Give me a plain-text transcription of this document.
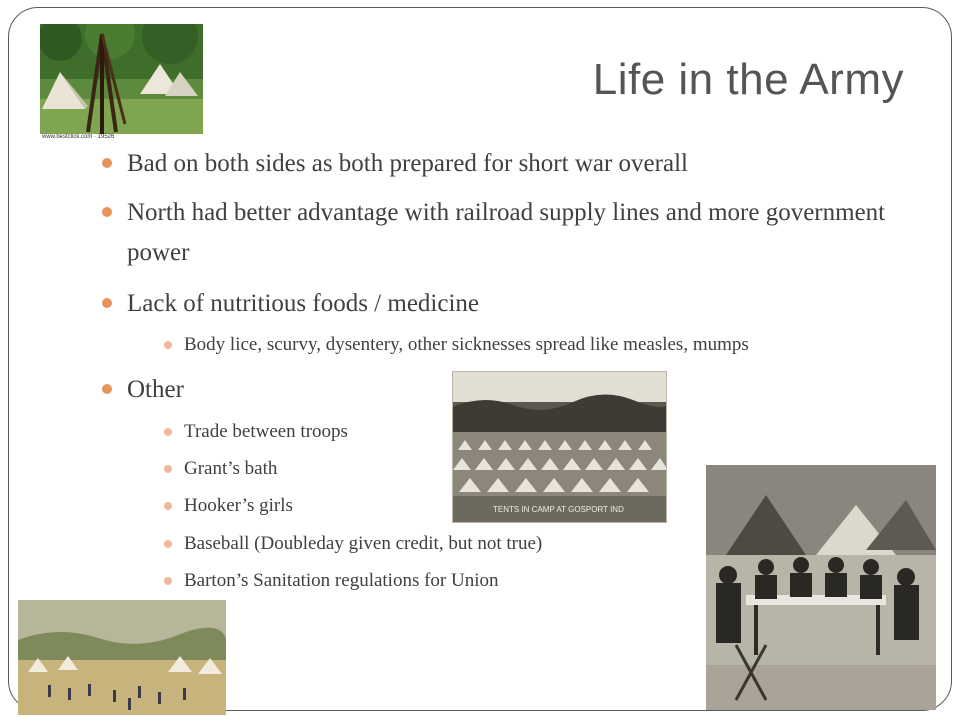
www.bestclick.com · 19526
Life in the Army
Bad on both sides as both prepared for short war overall
North had better advantage with railroad supply lines and more government power
Lack of nutritious foods / medicine
Body lice, scurvy, dysentery, other sicknesses spread like measles, mumps
Other
Trade between troops
Grant’s bath
Hooker’s girls
Baseball (Doubleday given credit, but not true)
Barton’s Sanitation regulations for Union
TENTS IN CAMP AT GOSPORT IND
